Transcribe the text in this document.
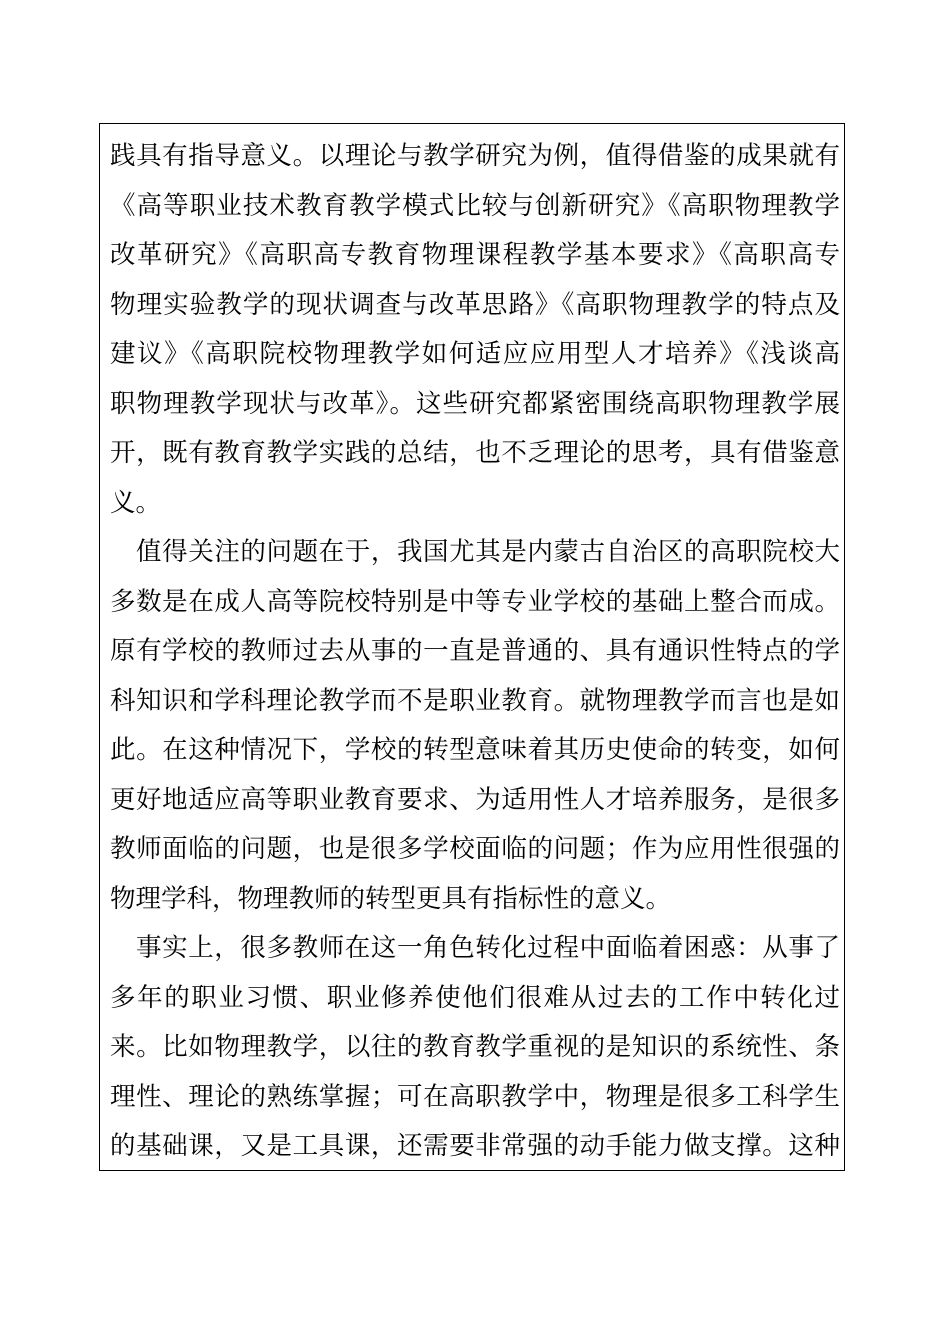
践具有指导意义。以理论与教学研究为例，值得借鉴的成果就有
《高等职业技术教育教学模式比较与创新研究》《高职物理教学
改革研究》《高职高专教育物理课程教学基本要求》《高职高专
物理实验教学的现状调查与改革思路》《高职物理教学的特点及
建议》《高职院校物理教学如何适应应用型人才培养》《浅谈高
职物理教学现状与改革》。这些研究都紧密围绕高职物理教学展
开，既有教育教学实践的总结，也不乏理论的思考，具有借鉴意
义。
值得关注的问题在于，我国尤其是内蒙古自治区的高职院校大
多数是在成人高等院校特别是中等专业学校的基础上整合而成。
原有学校的教师过去从事的一直是普通的、具有通识性特点的学
科知识和学科理论教学而不是职业教育。就物理教学而言也是如
此。在这种情况下，学校的转型意味着其历史使命的转变，如何
更好地适应高等职业教育要求、为适用性人才培养服务，是很多
教师面临的问题，也是很多学校面临的问题；作为应用性很强的
物理学科，物理教师的转型更具有指标性的意义。
事实上，很多教师在这一角色转化过程中面临着困惑：从事了
多年的职业习惯、职业修养使他们很难从过去的工作中转化过
来。比如物理教学，以往的教育教学重视的是知识的系统性、条
理性、理论的熟练掌握；可在高职教学中，物理是很多工科学生
的基础课，又是工具课，还需要非常强的动手能力做支撑。这种
